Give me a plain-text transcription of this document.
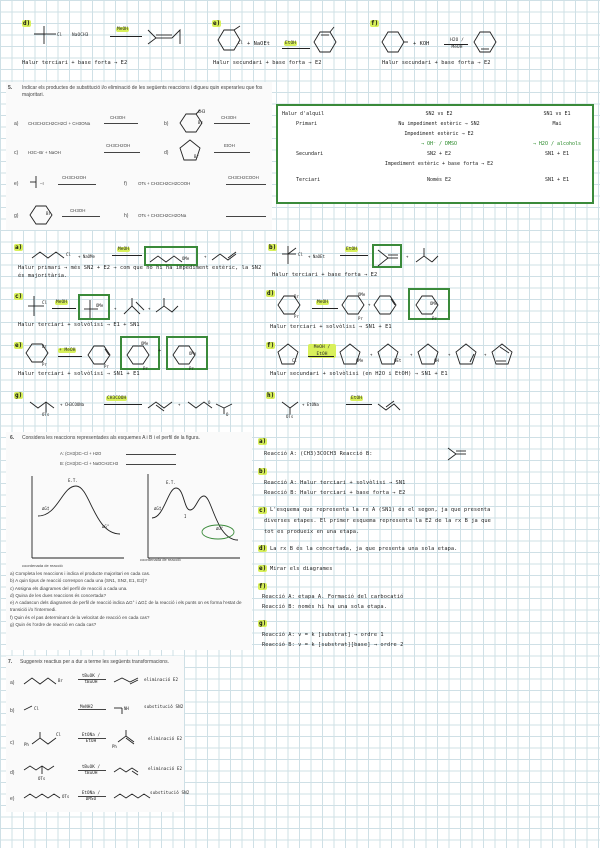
d)
Cl NaOCH3
MeOH
Halur terciari + base forta → E2
e)
Cl + NaOEt	EtOH
Halur secundari + base forta → E2
f)
+ KOH
H2O / MeOH
Halur secundari + base forta → E2
5. Indicar els productes de substitució i/o eliminació de les següents reaccions i digueu quin esperaríeu que fos majoritari.
a) CH3CH2CH2CH2Cl + CH3ONa
CH3OH
b)
CH3
Br
CH3OH
c) H3C–Br + NaOH
CH3CH2OH
d)
Br
EtOH
e)	–I
CH3CH2OH
f) OTs + CH3CH2CH2COOH
CH3CH2COOH
g)	Br
CH3OH
h) OTs + CH3CH2CH2ONa
Halur d'alquil	SN2 vs E2	SN1 vs E1
Primari	Nu impediment estèric → SN2	Mai
	Impediment estèric → E2	
	→ OH⁻ / DMSO	→ H2O / alcohols
Secundari	SN2 + E2	SN1 + E1
	Impediment estèric + base forta → E2	
Terciari	Només E2	SN1 + E1
a)
Cl + NaOMe
MeOH
OMe	+
Halur primari → més SN2 + E2 → com que no hi ha impediment estèric, la SN2 és majoritària.
b)
Cl + NaOEt
EtOH
+
Halur terciari + base forta → E2
c)
Cl MeOH
OMe
+	+
Halur terciari + solvòlisi → E1 + SN1
d)	Br
Pr
MeOH
OMe
Pr
+	OMe
Pr
Halur terciari + solvòlisi → SN1 + E1
e)	Br
Pr
+ MeOH
Pr
OMe
Pr
+	OMe
Pr
Halur terciari + solvòlisi → SN1 + E1
f)
Cl
MeOH / EtOH
OMe
+
OEt
+
OH
+	+
Halur secundari + solvòlisi (en H2O i EtOH) → SN1 + E1
g)
OTs
+ CH3COONa
CH3COOH
+	O
O
h)
OTs
+ EtONa
EtOH
6. Considera les reaccions representades als esquemes A i B i el perfil de la figura.
A: (CH3)3C–Cl + H2O
B: (CH3)3C–Cl + NaOCH2CH3
E.T.
ΔG‡
ΔG°
E.T.
ΔG‡
ΔG°
I
coordenada de reacció
coordenada de reacció
a) Completa les reaccions i indica el producte majoritari en cada cas.
b) A quin tipus de reacció correspon cada una (SN1, SN2, E1, E2)?
c) Assigna els diagrames del perfil de reacció a cada una.
d) Quina de les dues reaccions és concertada?
e) A cadascun dels diagrames de perfil de reacció indica ΔG° i ΔG‡ de la reacció i els punts on es forma l'estat de transició i/o l'intermedi.
f) Quin és el pas determinant de la velocitat de reacció en cada cas?
g) Quin és l'ordre de reacció en cada cas?
a)
Reacció A: (CH3)3COCH3 Reacció B:
b)
Reacció A: Halur terciari + solvòlisi → SN1
Reacció B: Halur terciari + base forta → E2
c) L'esquema que representa la rx A (SN1) és el segon, ja que presenta
diverses etapes. El primer esquema representa la E2 de la rx B ja que
tot es produeix en una etapa.
d) La rx B és la concertada, ja que presenta una sola etapa.
e) Mirar els diagrames
f)
Reacció A: etapa A. Formació del carbocatió
Reacció B: només hi ha una sola etapa.
g)
Reacció A: v = k [substrat] → ordre 1
Reacció B: v = k [substrat][base] → ordre 2
7. Suggereix reactius per a dur a terme les següents transformacions.
a)	Br
tBuOK / tBuOH	eliminació E2
b)	Cl	MeNH2	NH	substitució SN2
c) Ph
Cl	EtONa / EtOH
Ph
eliminació E2
d)
OTs
tBuOK / tBuOH
eliminació E2
e)	OTs
EtONa / DMSO
substitució SN2
